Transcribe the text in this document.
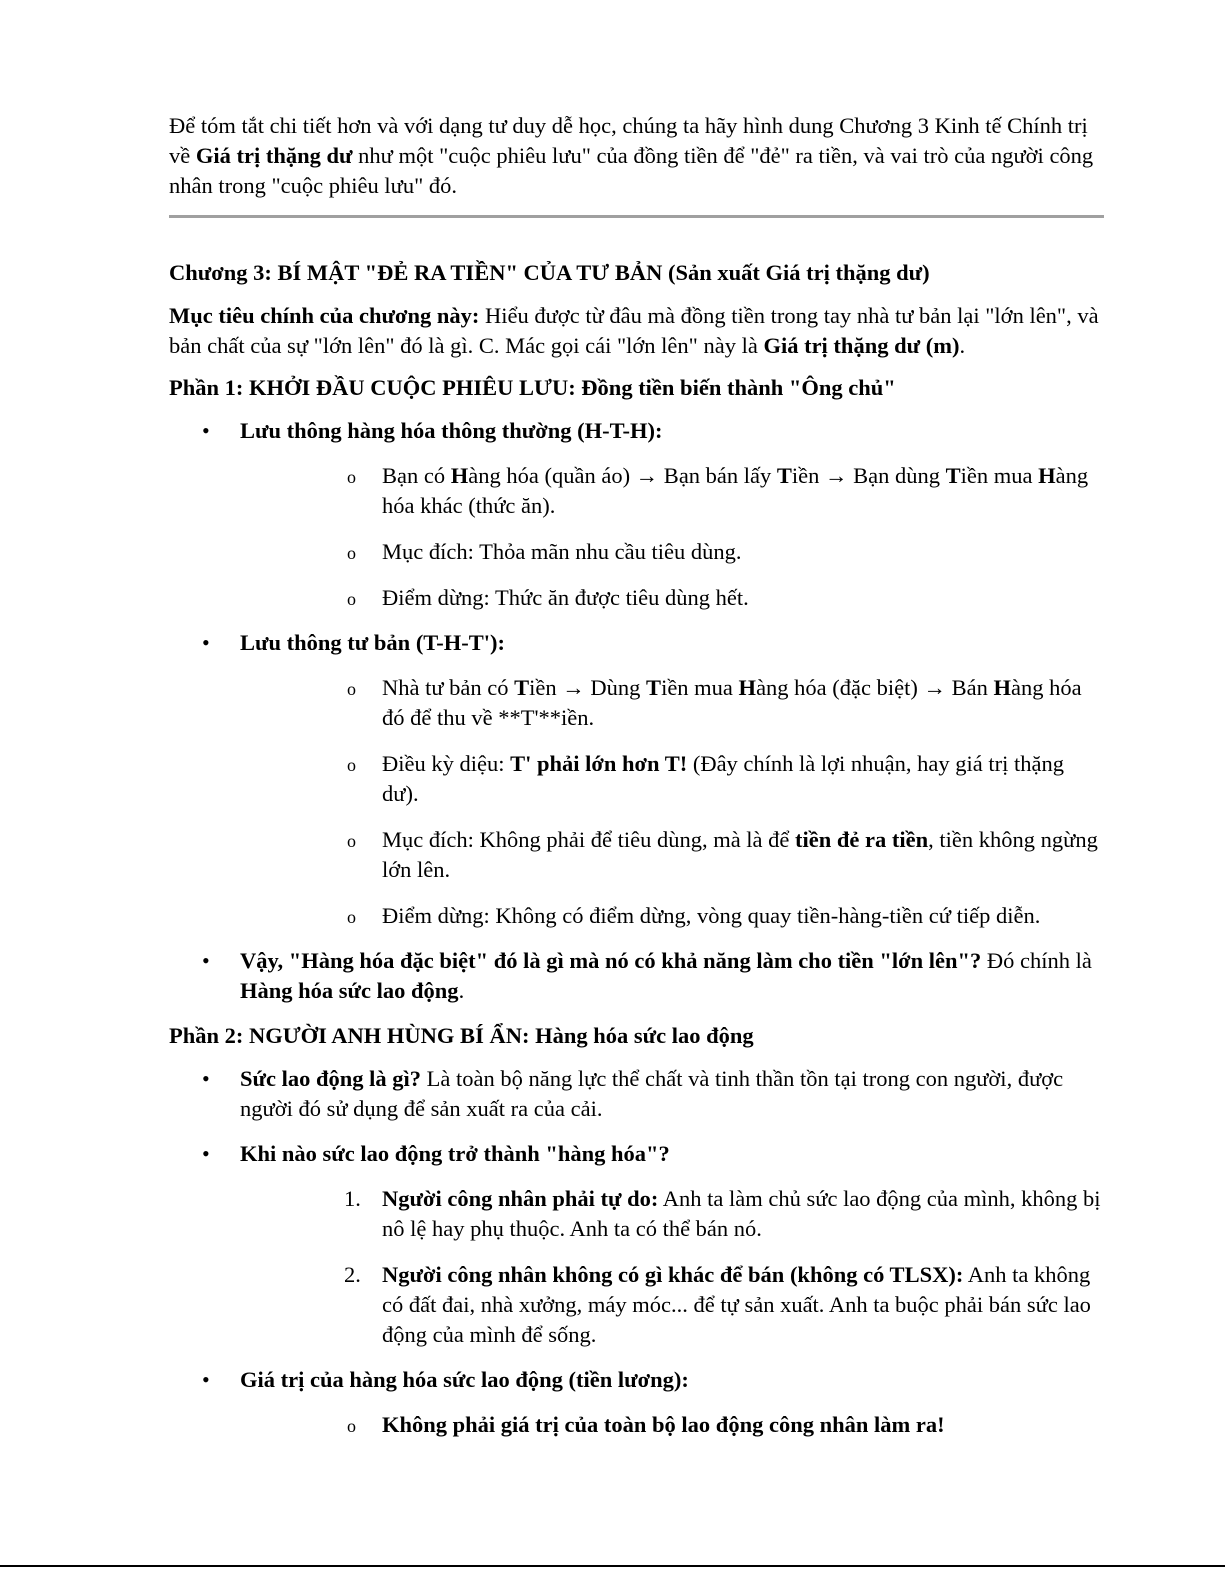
Để tóm tắt chi tiết hơn và với dạng tư duy dễ học, chúng ta hãy hình dung Chương 3 Kinh tế Chính trị về Giá trị thặng dư như một "cuộc phiêu lưu" của đồng tiền để "đẻ" ra tiền, và vai trò của người công nhân trong "cuộc phiêu lưu" đó.

Chương 3: BÍ MẬT "ĐẺ RA TIỀN" CỦA TƯ BẢN (Sản xuất Giá trị thặng dư)

Mục tiêu chính của chương này: Hiểu được từ đâu mà đồng tiền trong tay nhà tư bản lại "lớn lên", và bản chất của sự "lớn lên" đó là gì. C. Mác gọi cái "lớn lên" này là Giá trị thặng dư (m).

Phần 1: KHỞI ĐẦU CUỘC PHIÊU LƯU: Đồng tiền biến thành "Ông chủ"

• Lưu thông hàng hóa thông thường (H-T-H):
o Bạn có Hàng hóa (quần áo) → Bạn bán lấy Tiền → Bạn dùng Tiền mua Hàng hóa khác (thức ăn).
o Mục đích: Thỏa mãn nhu cầu tiêu dùng.
o Điểm dừng: Thức ăn được tiêu dùng hết.
• Lưu thông tư bản (T-H-T'):
o Nhà tư bản có Tiền → Dùng Tiền mua Hàng hóa (đặc biệt) → Bán Hàng hóa đó để thu về **T'**iền.
o Điều kỳ diệu: T' phải lớn hơn T! (Đây chính là lợi nhuận, hay giá trị thặng dư).
o Mục đích: Không phải để tiêu dùng, mà là để tiền đẻ ra tiền, tiền không ngừng lớn lên.
o Điểm dừng: Không có điểm dừng, vòng quay tiền-hàng-tiền cứ tiếp diễn.
• Vậy, "Hàng hóa đặc biệt" đó là gì mà nó có khả năng làm cho tiền "lớn lên"? Đó chính là Hàng hóa sức lao động.

Phần 2: NGƯỜI ANH HÙNG BÍ ẨN: Hàng hóa sức lao động

• Sức lao động là gì? Là toàn bộ năng lực thể chất và tinh thần tồn tại trong con người, được người đó sử dụng để sản xuất ra của cải.
• Khi nào sức lao động trở thành "hàng hóa"?
1. Người công nhân phải tự do: Anh ta làm chủ sức lao động của mình, không bị nô lệ hay phụ thuộc. Anh ta có thể bán nó.
2. Người công nhân không có gì khác để bán (không có TLSX): Anh ta không có đất đai, nhà xưởng, máy móc... để tự sản xuất. Anh ta buộc phải bán sức lao động của mình để sống.
• Giá trị của hàng hóa sức lao động (tiền lương):
o Không phải giá trị của toàn bộ lao động công nhân làm ra!
